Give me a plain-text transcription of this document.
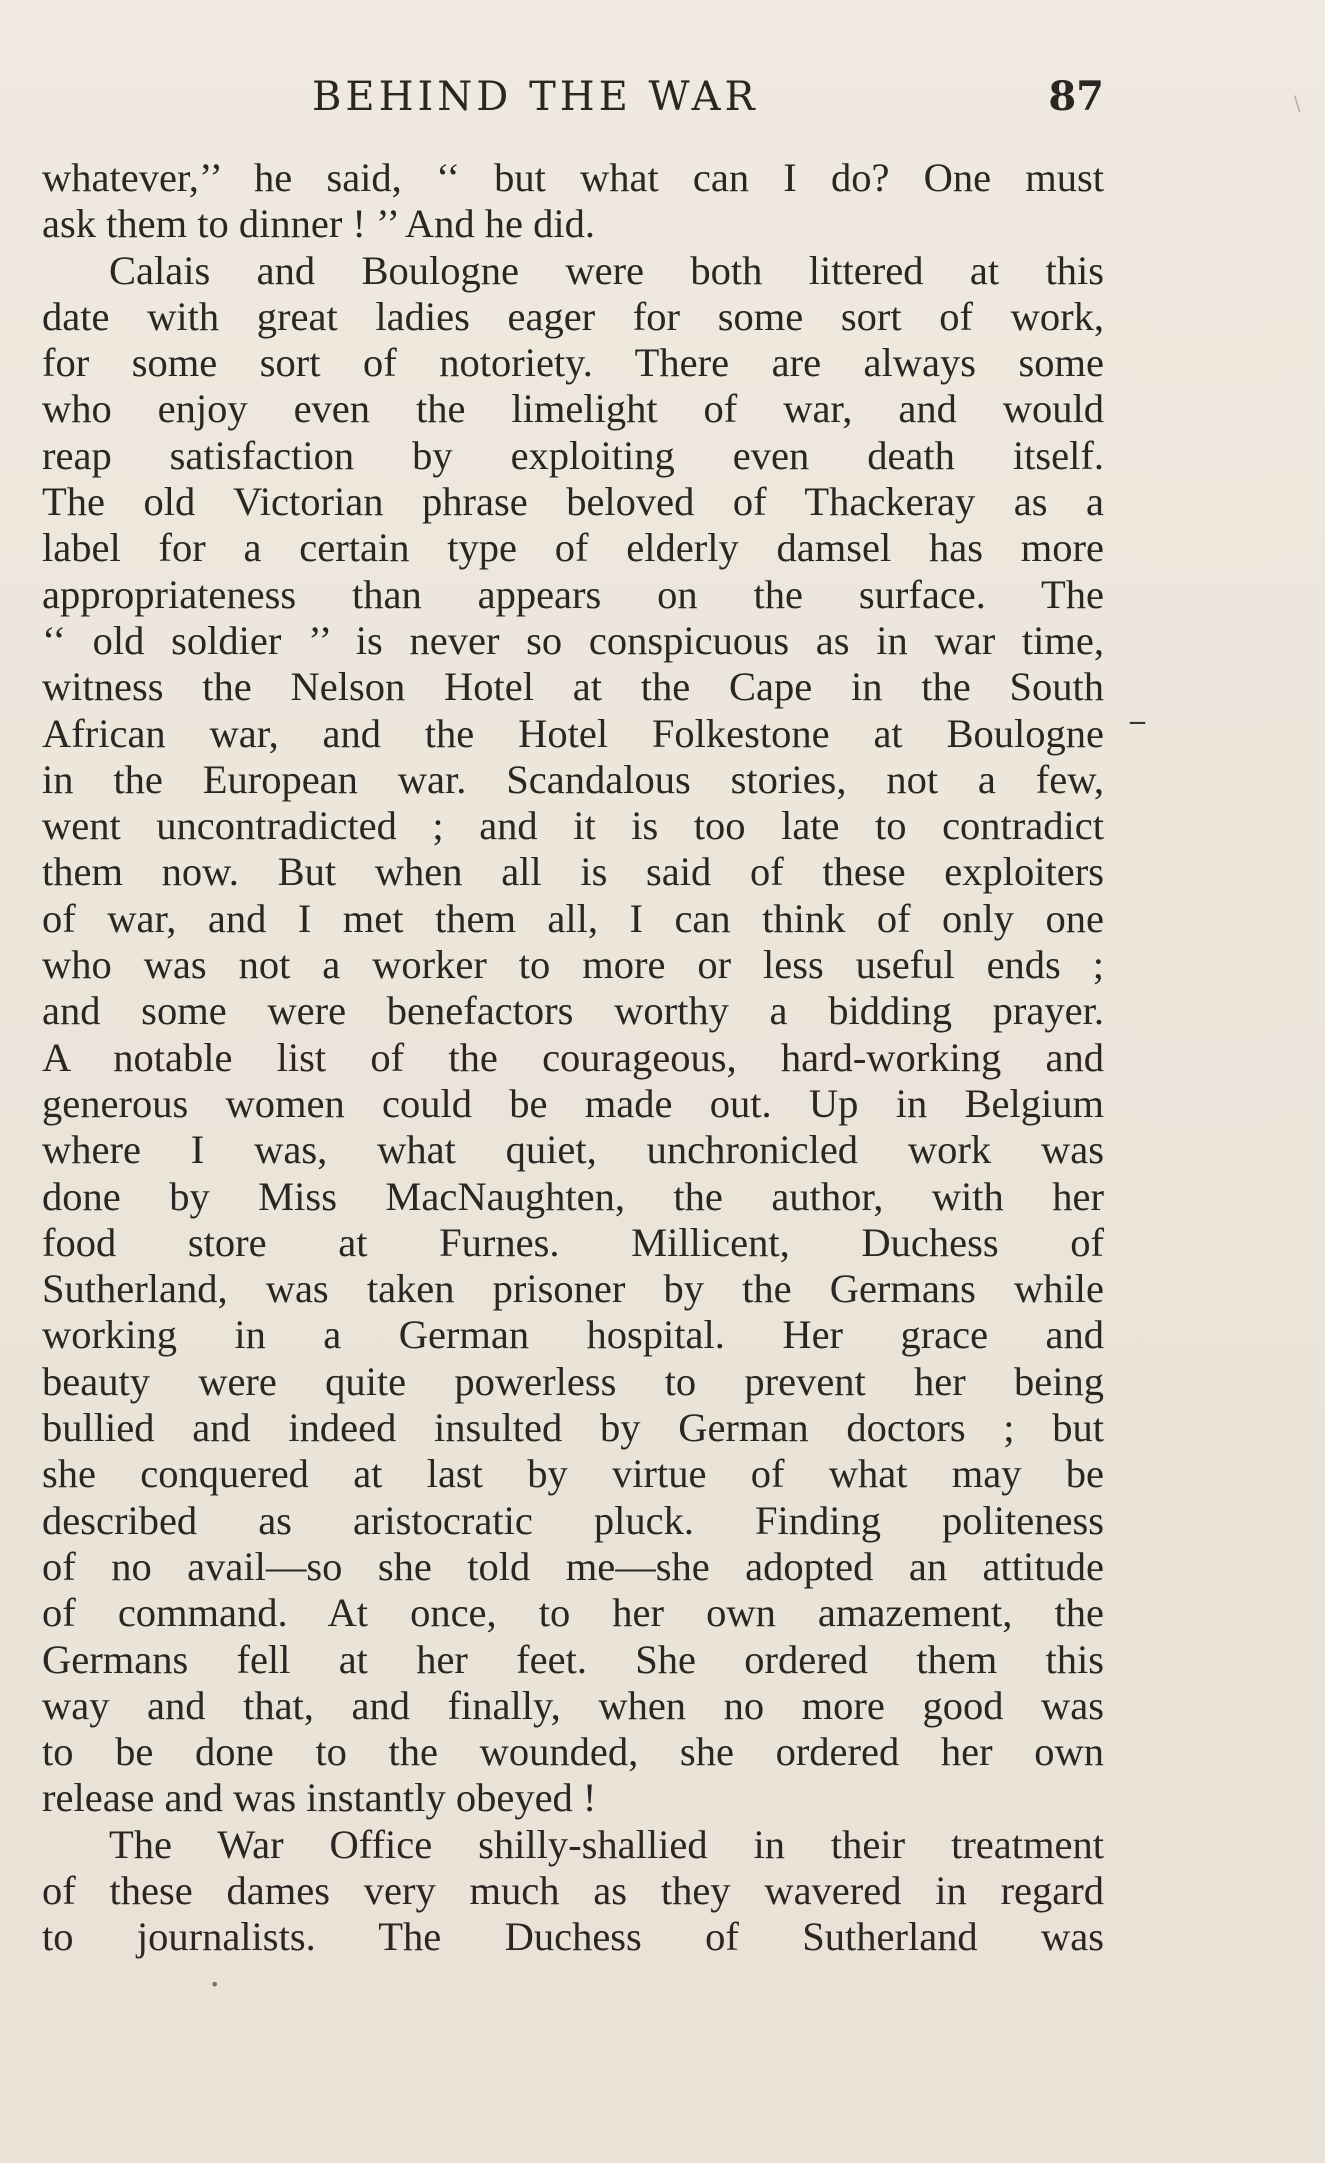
BEHIND THE WAR	87
whatever,’’ he said, ‘‘ but what can I do? One must
ask them to dinner ! ’’ And he did.
Calais and Boulogne were both littered at this
date with great ladies eager for some sort of work,
for some sort of notoriety. There are always some
who enjoy even the limelight of war, and would
reap satisfaction by exploiting even death itself.
The old Victorian phrase beloved of Thackeray as a
label for a certain type of elderly damsel has more
appropriateness than appears on the surface. The
‘‘ old soldier ’’ is never so conspicuous as in war time,
witness the Nelson Hotel at the Cape in the South
African war, and the Hotel Folkestone at Boulogne
in the European war. Scandalous stories, not a few,
went uncontradicted ; and it is too late to contradict
them now. But when all is said of these exploiters
of war, and I met them all, I can think of only one
who was not a worker to more or less useful ends ;
and some were benefactors worthy a bidding prayer.
A notable list of the courageous, hard-working and
generous women could be made out. Up in Belgium
where I was, what quiet, unchronicled work was
done by Miss MacNaughten, the author, with her
food store at Furnes. Millicent, Duchess of
Sutherland, was taken prisoner by the Germans while
working in a German hospital. Her grace and
beauty were quite powerless to prevent her being
bullied and indeed insulted by German doctors ; but
she conquered at last by virtue of what may be
described as aristocratic pluck. Finding politeness
of no avail—so she told me—she adopted an attitude
of command. At once, to her own amazement, the
Germans fell at her feet. She ordered them this
way and that, and finally, when no more good was
to be done to the wounded, she ordered her own
release and was instantly obeyed !
The War Office shilly-shallied in their treatment
of these dames very much as they wavered in regard
to journalists. The Duchess of Sutherland was
‾
∖
•
